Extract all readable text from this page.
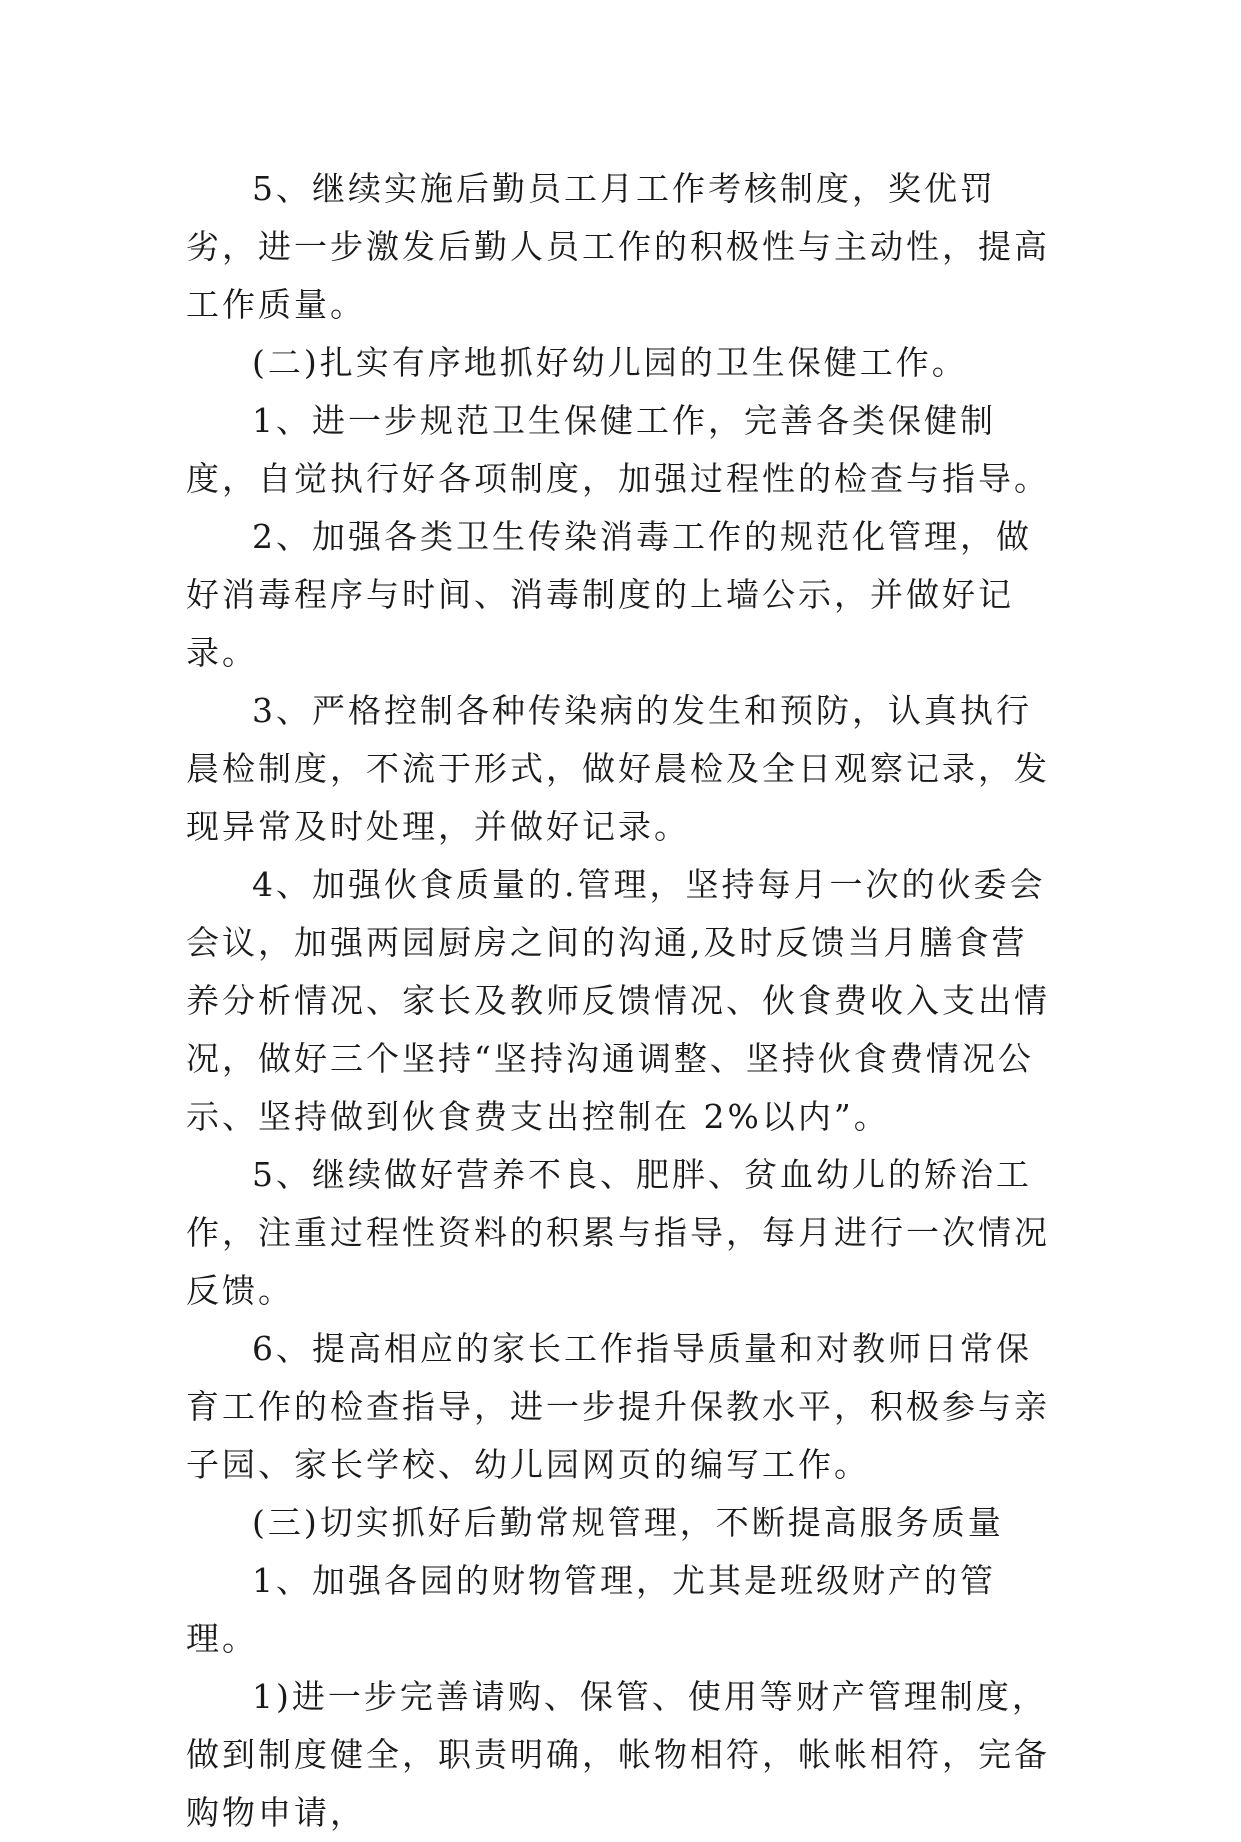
5、继续实施后勤员工月工作考核制度，奖优罚劣，进一步激发后勤人员工作的积极性与主动性，提高工作质量。

(二)扎实有序地抓好幼儿园的卫生保健工作。

1、进一步规范卫生保健工作，完善各类保健制度，自觉执行好各项制度，加强过程性的检查与指导。

2、加强各类卫生传染消毒工作的规范化管理，做好消毒程序与时间、消毒制度的上墙公示，并做好记录。

3、严格控制各种传染病的发生和预防，认真执行晨检制度，不流于形式，做好晨检及全日观察记录，发现异常及时处理，并做好记录。

4、加强伙食质量的.管理，坚持每月一次的伙委会会议，加强两园厨房之间的沟通,及时反馈当月膳食营养分析情况、家长及教师反馈情况、伙食费收入支出情况，做好三个坚持“坚持沟通调整、坚持伙食费情况公示、坚持做到伙食费支出控制在 2%以内”。

5、继续做好营养不良、肥胖、贫血幼儿的矫治工作，注重过程性资料的积累与指导，每月进行一次情况反馈。

6、提高相应的家长工作指导质量和对教师日常保育工作的检查指导，进一步提升保教水平，积极参与亲子园、家长学校、幼儿园网页的编写工作。

(三)切实抓好后勤常规管理，不断提高服务质量

1、加强各园的财物管理，尤其是班级财产的管理。

1)进一步完善请购、保管、使用等财产管理制度，做到制度健全，职责明确，帐物相符，帐帐相符，完备购物申请，
